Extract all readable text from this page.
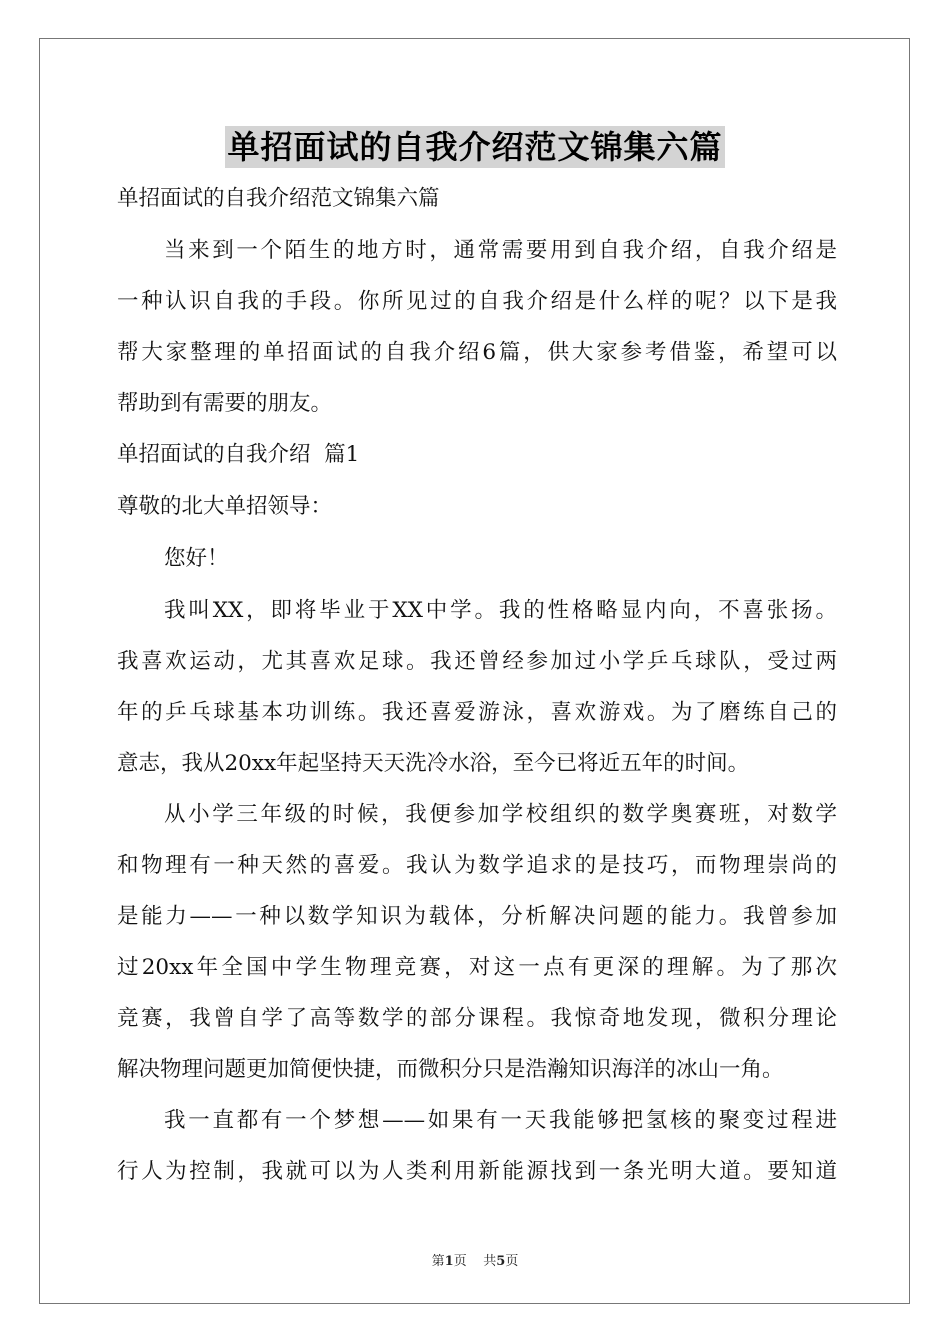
单招面试的自我介绍范文锦集六篇
单招面试的自我介绍范文锦集六篇
当来到一个陌生的地方时，通常需要用到自我介绍，自我介绍是
一种认识自我的手段。你所见过的自我介绍是什么样的呢？以下是我
帮大家整理的单招面试的自我介绍6篇，供大家参考借鉴，希望可以
帮助到有需要的朋友。
单招面试的自我介绍  篇1
尊敬的北大单招领导：
您好！
我叫XX，即将毕业于XX中学。我的性格略显内向，不喜张扬。
我喜欢运动，尤其喜欢足球。我还曾经参加过小学乒乓球队，受过两
年的乒乓球基本功训练。我还喜爱游泳，喜欢游戏。为了磨练自己的
意志，我从20xx年起坚持天天洗冷水浴，至今已将近五年的时间。
从小学三年级的时候，我便参加学校组织的数学奥赛班，对数学
和物理有一种天然的喜爱。我认为数学追求的是技巧，而物理崇尚的
是能力——一种以数学知识为载体，分析解决问题的能力。我曾参加
过20xx年全国中学生物理竞赛，对这一点有更深的理解。为了那次
竞赛，我曾自学了高等数学的部分课程。我惊奇地发现，微积分理论
解决物理问题更加简便快捷，而微积分只是浩瀚知识海洋的冰山一角。
我一直都有一个梦想——如果有一天我能够把氢核的聚变过程进
行人为控制，我就可以为人类利用新能源找到一条光明大道。要知道
第1页 共5页
